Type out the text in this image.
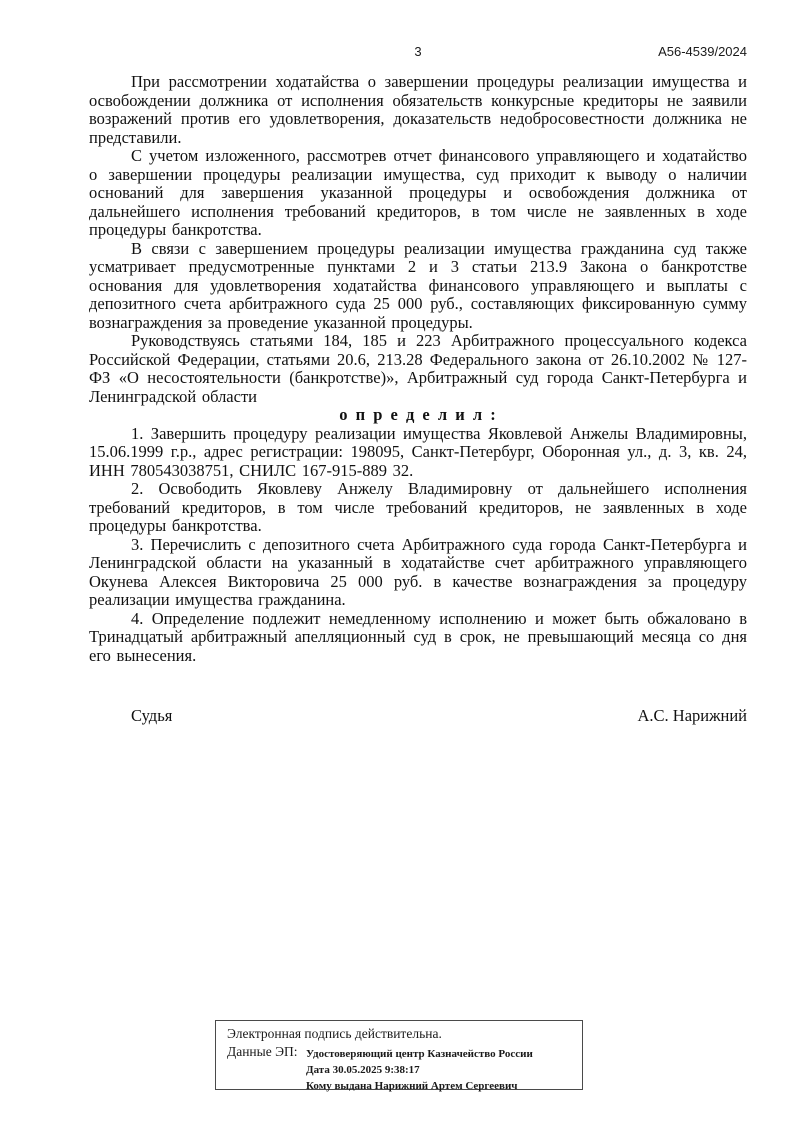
3	А56-4539/2024

При рассмотрении ходатайства о завершении процедуры реализации имущества и освобождении должника от исполнения обязательств конкурсные кредиторы не заявили возражений против его удовлетворения, доказательств недобросовестности должника не представили.

С учетом изложенного, рассмотрев отчет финансового управляющего и ходатайство о завершении процедуры реализации имущества, суд приходит к выводу о наличии оснований для завершения указанной процедуры и освобождения должника от дальнейшего исполнения требований кредиторов, в том числе не заявленных в ходе процедуры банкротства.

В связи с завершением процедуры реализации имущества гражданина суд также усматривает предусмотренные пунктами 2 и 3 статьи 213.9 Закона о банкротстве основания для удовлетворения ходатайства финансового управляющего и выплаты с депозитного счета арбитражного суда 25 000 руб., составляющих фиксированную сумму вознаграждения за проведение указанной процедуры.

Руководствуясь статьями 184, 185 и 223 Арбитражного процессуального кодекса Российской Федерации, статьями 20.6, 213.28 Федерального закона от 26.10.2002 № 127-ФЗ «О несостоятельности (банкротстве)», Арбитражный суд города Санкт-Петербурга и Ленинградской области

о п р е д е л и л :

1. Завершить процедуру реализации имущества Яковлевой Анжелы Владимировны, 15.06.1999 г.р., адрес регистрации: 198095, Санкт-Петербург, Оборонная ул., д. 3, кв. 24, ИНН 780543038751, СНИЛС 167-915-889 32.

2. Освободить Яковлеву Анжелу Владимировну от дальнейшего исполнения требований кредиторов, в том числе требований кредиторов, не заявленных в ходе процедуры банкротства.

3. Перечислить с депозитного счета Арбитражного суда города Санкт-Петербурга и Ленинградской области на указанный в ходатайстве счет арбитражного управляющего Окунева Алексея Викторовича 25 000 руб. в качестве вознаграждения за процедуру реализации имущества гражданина.

4. Определение подлежит немедленному исполнению и может быть обжаловано в Тринадцатый арбитражный апелляционный суд в срок, не превышающий месяца со дня его вынесения.

Судья	А.С. Нарижний
Электронная подпись действительна.
Данные ЭП: Удостоверяющий центр Казначейство России
Дата 30.05.2025 9:38:17
Кому выдана Нарижний Артем Сергеевич
